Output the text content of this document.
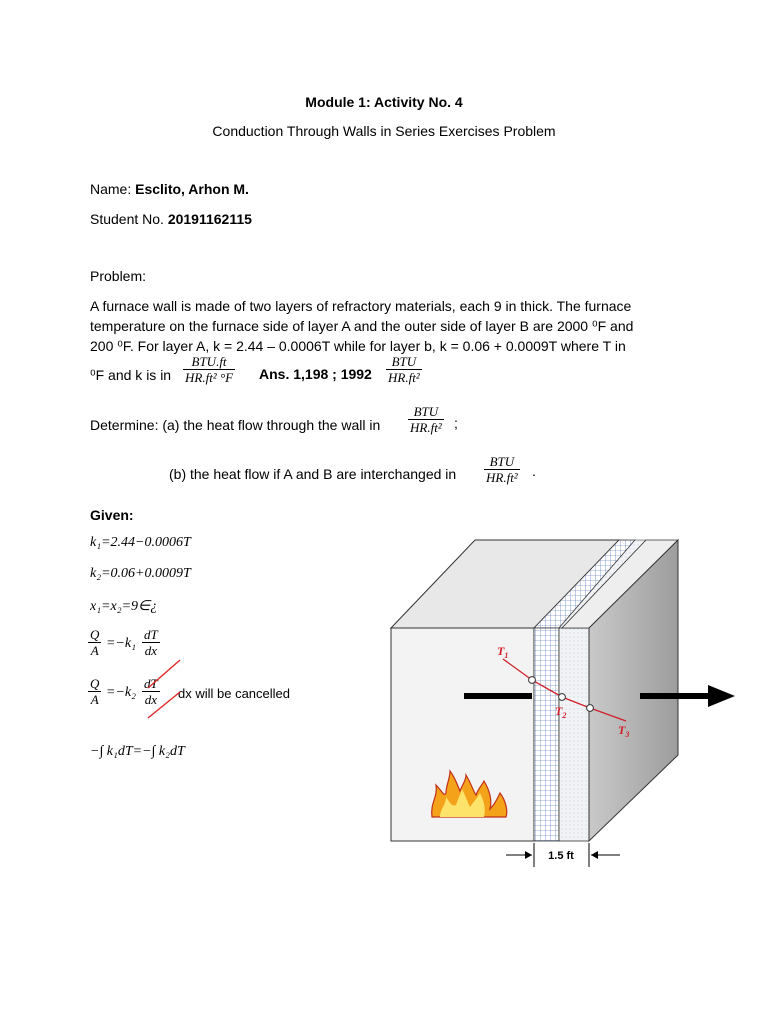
Module 1: Activity No. 4
Conduction Through Walls in Series Exercises Problem
Name: Esclito, Arhon M.
Student No. 20191162115
Problem:
A furnace wall is made of two layers of refractory materials, each 9 in thick. The furnace
temperature on the furnace side of layer A and the outer side of layer B are 2000 ⁰F and
200 ⁰F. For layer A, k = 2.44 – 0.0006T while for layer b, k = 0.06 + 0.0009T where T in
⁰F and k is in
BTU.ft
HR.ft² °F Ans. 1,198 ; 1992
BTU
HR.ft²
Determine: (a) the heat flow through the wall in
BTU
HR.ft² ;
(b) the heat flow if A and B are interchanged in
BTU
HR.ft² .
Given:
k₁=2.44−0.0006T
k₂=0.06+0.0009T
x₁=x₂=9∈¿
$\frac{Q}{A} =-k_1 \frac{dT}{dx}$
$\frac{Q}{A} =-k_2 \frac{dT}{dx}$ dx will be cancelled
−∫ k₁dT=−∫ k₂dT
$T_1$
$T_2$
$T_3$
1.5 ft
